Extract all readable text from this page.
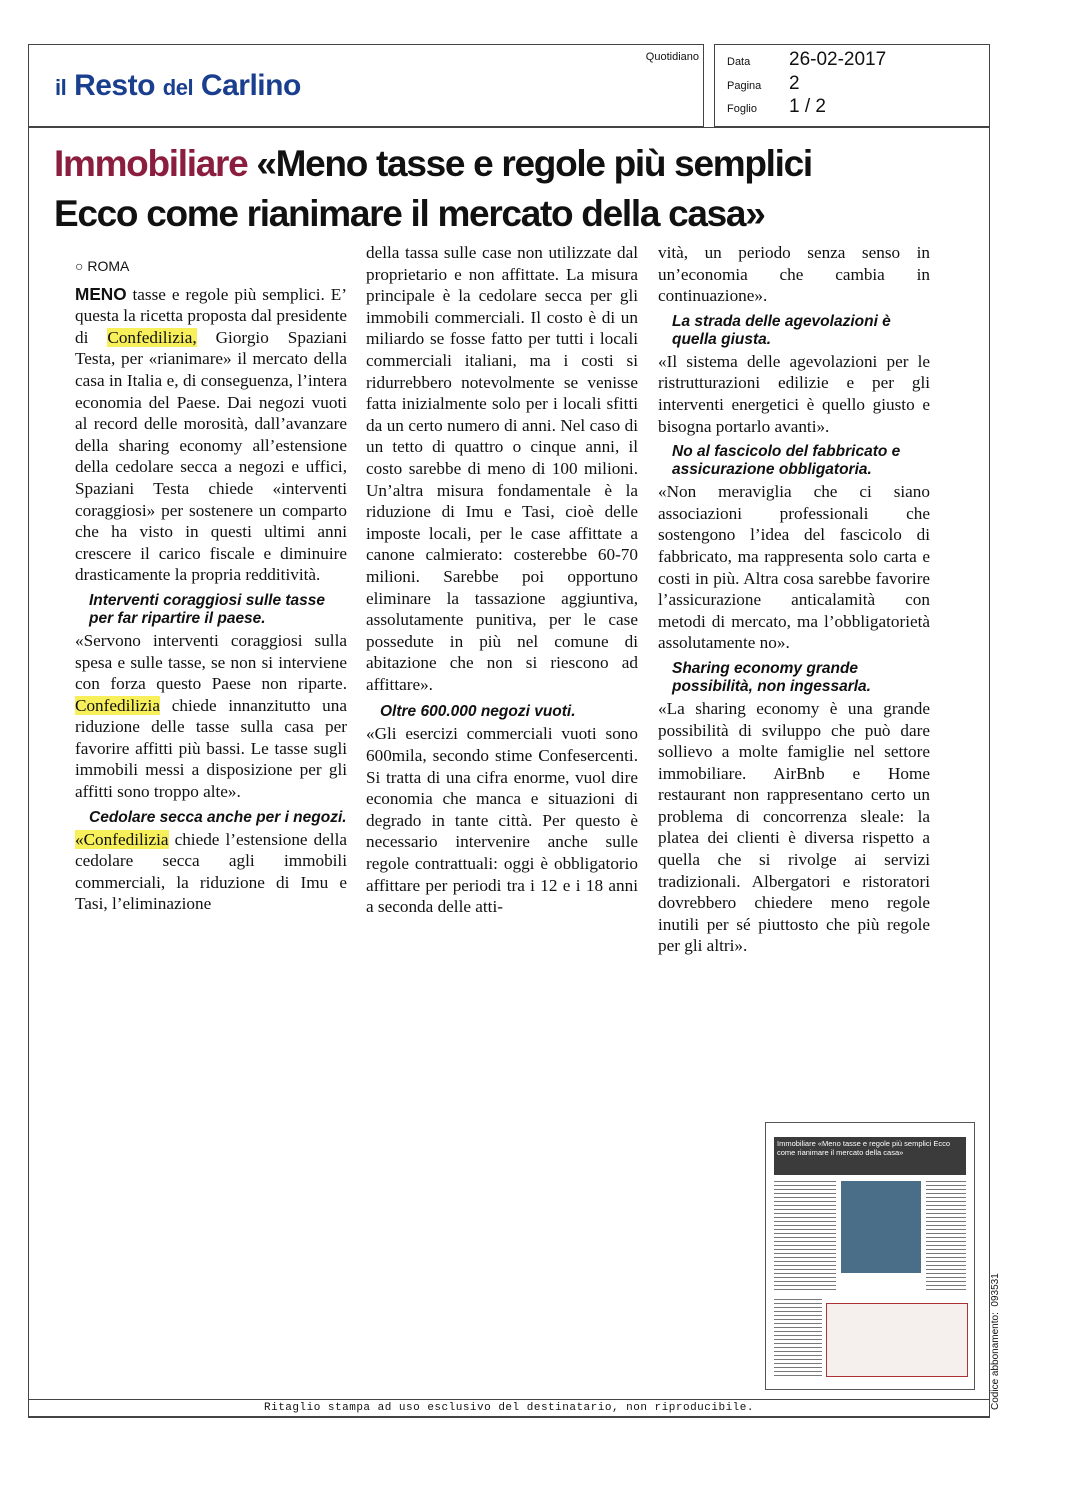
il Resto del Carlino
Quotidiano	Data 26-02-2017
Pagina 2
Foglio 1 / 2
Immobiliare «Meno tasse e regole più semplici
Ecco come rianimare il mercato della casa»
○ ROMA

MENO tasse e regole più semplici. E’ questa la ricetta proposta dal presidente di Confedilizia, Giorgio Spaziani Testa, per «rianimare» il mercato della casa in Italia e, di conseguenza, l’intera economia del Paese. Dai negozi vuoti al record delle morosità, dall’avanzare della sharing economy all’estensione della cedolare secca a negozi e uffici, Spaziani Testa chiede «interventi coraggiosi» per sostenere un comparto che ha visto in questi ultimi anni crescere il carico fiscale e diminuire drasticamente la propria redditività.

Interventi coraggiosi sulle tasse per far ripartire il paese.

«Servono interventi coraggiosi sulla spesa e sulle tasse, se non si interviene con forza questo Paese non riparte. Confedilizia chiede innanzitutto una riduzione delle tasse sulla casa per favorire affitti più bassi. Le tasse sugli immobili messi a disposizione per gli affitti sono troppo alte».

Cedolare secca anche per i negozi.

«Confedilizia chiede l’estensione della cedolare secca agli immobili commerciali, la riduzione di Imu e Tasi, l’eliminazione

della tassa sulle case non utilizzate dal proprietario e non affittate. La misura principale è la cedolare secca per gli immobili commerciali. Il costo è di un miliardo se fosse fatto per tutti i locali commerciali italiani, ma i costi si ridurrebbero notevolmente se venisse fatta inizialmente solo per i locali sfitti da un certo numero di anni. Nel caso di un tetto di quattro o cinque anni, il costo sarebbe di meno di 100 milioni. Un’altra misura fondamentale è la riduzione di Imu e Tasi, cioè delle imposte locali, per le case affittate a canone calmierato: costerebbe 60-70 milioni. Sarebbe poi opportuno eliminare la tassazione aggiuntiva, assolutamente punitiva, per le case possedute in più nel comune di abitazione che non si riescono ad affittare».

Oltre 600.000 negozi vuoti.

«Gli esercizi commerciali vuoti sono 600mila, secondo stime Confesercenti. Si tratta di una cifra enorme, vuol dire economia che manca e situazioni di degrado in tante città. Per questo è necessario intervenire anche sulle regole contrattuali: oggi è obbligatorio affittare per periodi tra i 12 e i 18 anni a seconda delle atti-

vità, un periodo senza senso in un’economia che cambia in continuazione».

La strada delle agevolazioni è quella giusta.

«Il sistema delle agevolazioni per le ristrutturazioni edilizie e per gli interventi energetici è quello giusto e bisogna portarlo avanti».

No al fascicolo del fabbricato e assicurazione obbligatoria.

«Non meraviglia che ci siano associazioni professionali che sostengono l’idea del fascicolo di fabbricato, ma rappresenta solo carta e costi in più. Altra cosa sarebbe favorire l’assicurazione anticalamità con metodi di mercato, ma l’obbligatorietà assolutamente no».

Sharing economy grande possibilità, non ingessarla.

«La sharing economy è una grande possibilità di sviluppo che può dare sollievo a molte famiglie nel settore immobiliare. AirBnb e Home restaurant non rappresentano certo un problema di concorrenza sleale: la platea dei clienti è diversa rispetto a quella che si rivolge ai servizi tradizionali. Albergatori e ristoratori dovrebbero chiedere meno regole inutili per sé piuttosto che più regole per gli altri».

Immobiliare «Meno tasse e regole più semplici Ecco come rianimare il mercato della casa»
Ritaglio stampa ad uso esclusivo del destinatario, non riproducibile.	Codice abbonamento:  093531
